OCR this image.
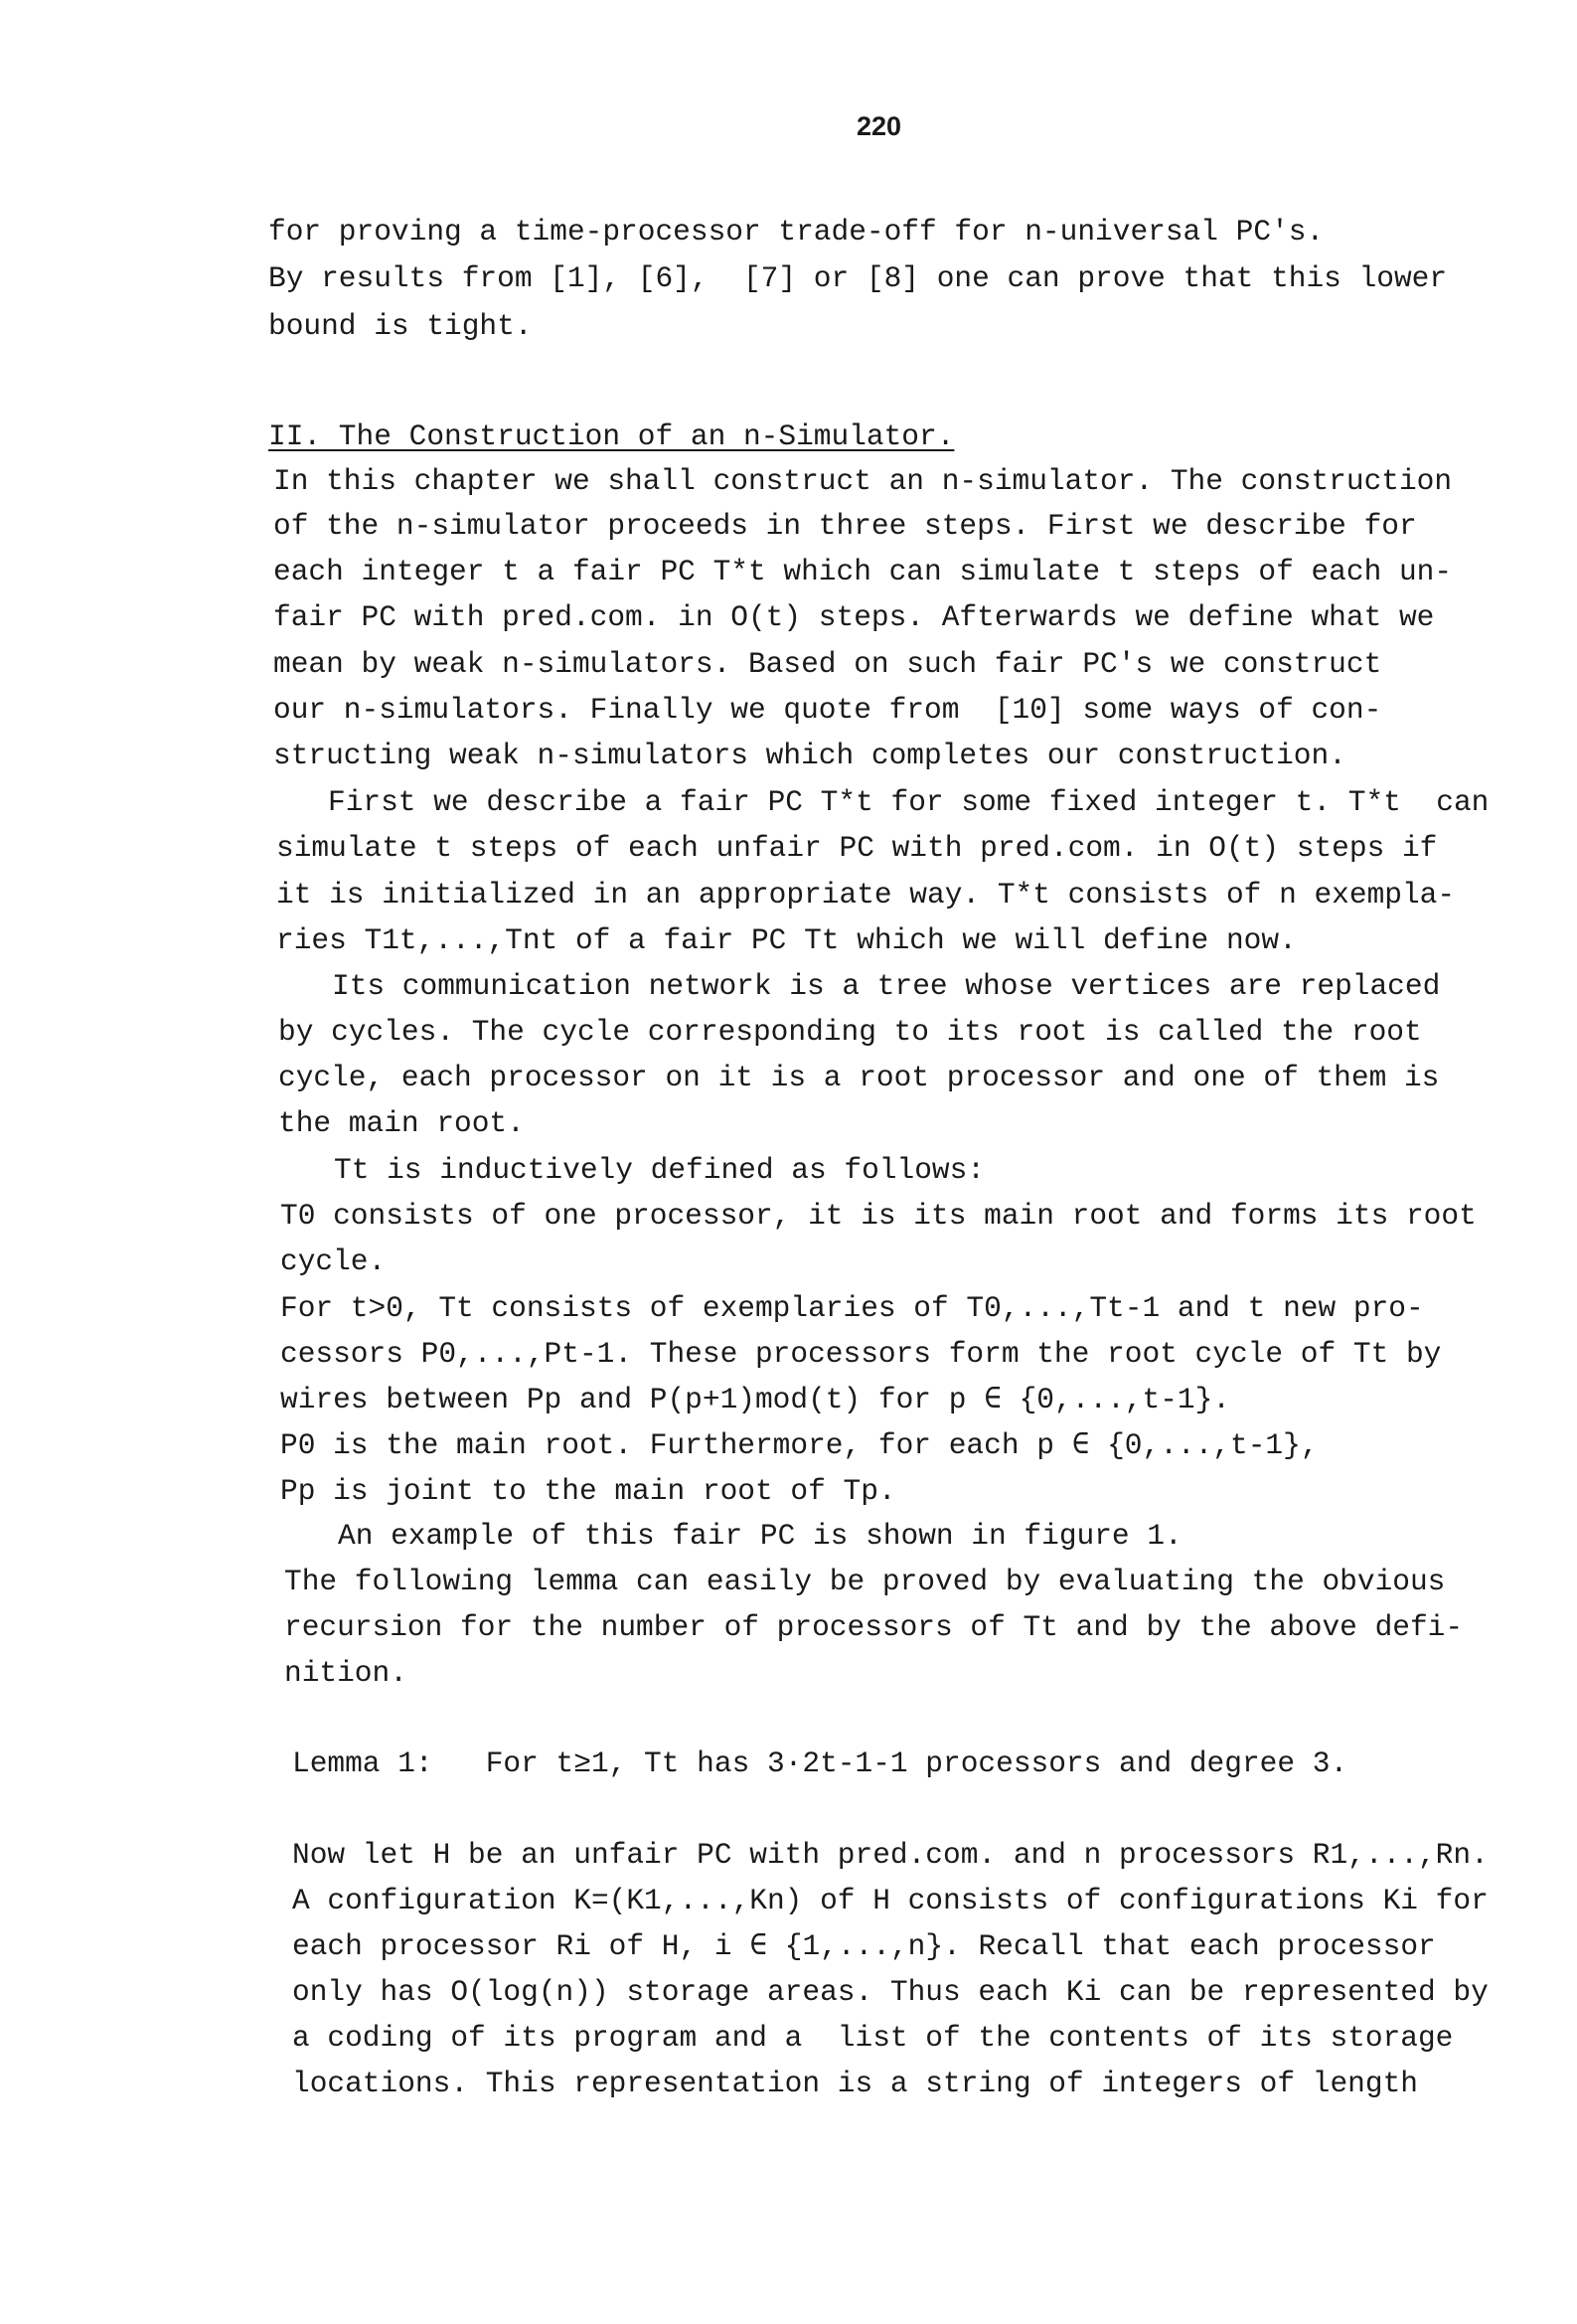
220
for proving a time-processor trade-off for n-universal PC's.
By results from [1], [6],  [7] or [8] one can prove that this lower
bound is tight.
II. The Construction of an n-Simulator.
In this chapter we shall construct an n-simulator. The construction
of the n-simulator proceeds in three steps. First we describe for
each integer t a fair PC T*t which can simulate t steps of each un-
fair PC with pred.com. in O(t) steps. Afterwards we define what we
mean by weak n-simulators. Based on such fair PC's we construct
our n-simulators. Finally we quote from  [10] some ways of con-
structing weak n-simulators which completes our construction.
First we describe a fair PC T*t for some fixed integer t. T*t  can
simulate t steps of each unfair PC with pred.com. in O(t) steps if
it is initialized in an appropriate way. T*t consists of n exempla-
ries T1t,...,Tnt of a fair PC Tt which we will define now.
Its communication network is a tree whose vertices are replaced
by cycles. The cycle corresponding to its root is called the root
cycle, each processor on it is a root processor and one of them is
the main root.
Tt is inductively defined as follows:
T0 consists of one processor, it is its main root and forms its root
cycle.
For t>0, Tt consists of exemplaries of T0,...,Tt-1 and t new pro-
cessors P0,...,Pt-1. These processors form the root cycle of Tt by
wires between Pp and P(p+1)mod(t) for p ∈ {0,...,t-1}.
P0 is the main root. Furthermore, for each p ∈ {0,...,t-1},
Pp is joint to the main root of Tp.
An example of this fair PC is shown in figure 1.
The following lemma can easily be proved by evaluating the obvious
recursion for the number of processors of Tt and by the above defi-
nition.
Lemma 1:   For t≥1, Tt has 3·2t-1-1 processors and degree 3.
Now let H be an unfair PC with pred.com. and n processors R1,...,Rn.
A configuration K=(K1,...,Kn) of H consists of configurations Ki for
each processor Ri of H, i ∈ {1,...,n}. Recall that each processor
only has O(log(n)) storage areas. Thus each Ki can be represented by
a coding of its program and a  list of the contents of its storage
locations. This representation is a string of integers of length
